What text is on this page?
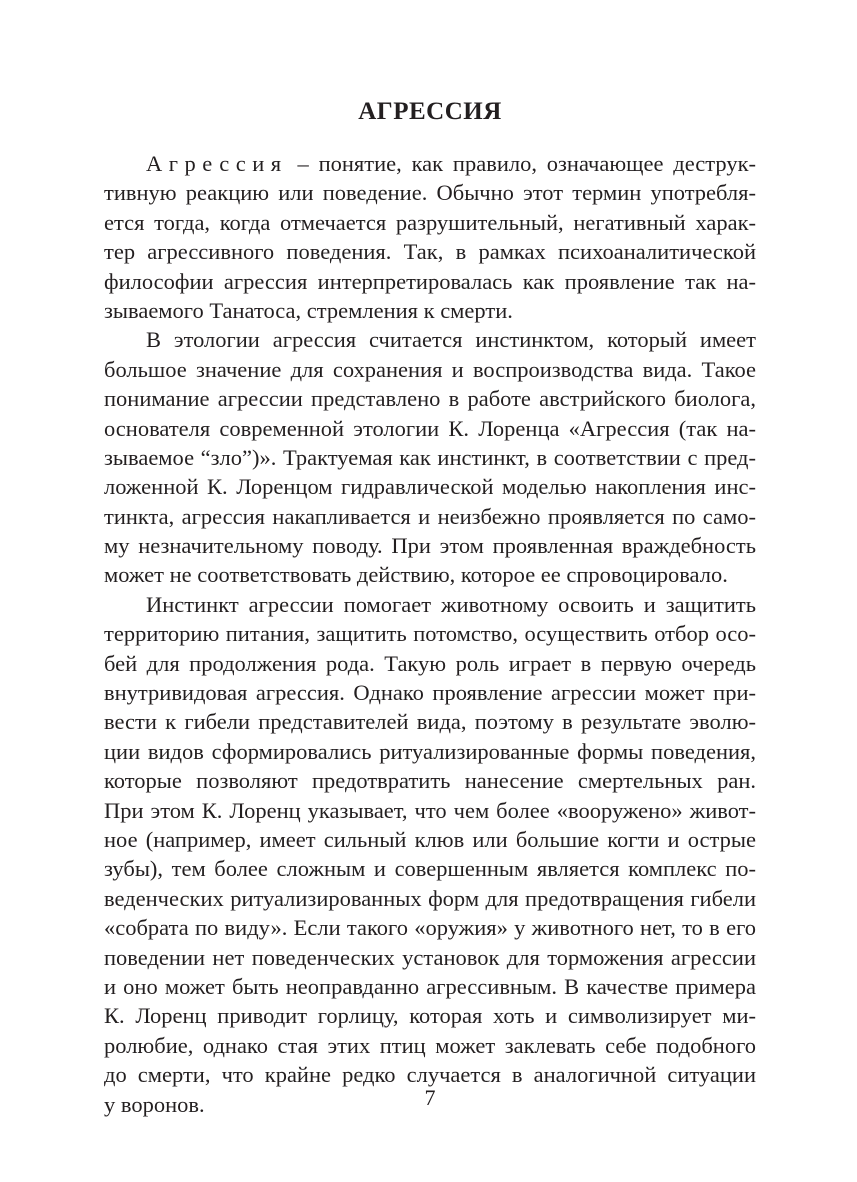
АГРЕССИЯ
Агрессия – понятие, как правило, означающее деструк-
тивную реакцию или поведение. Обычно этот термин употребля-
ется тогда, когда отмечается разрушительный, негативный харак-
тер агрессивного поведения. Так, в рамках психоаналитической
философии агрессия интерпретировалась как проявление так на-
зываемого Танатоса, стремления к смерти.
В этологии агрессия считается инстинктом, который имеет
большое значение для сохранения и воспроизводства вида. Такое
понимание агрессии представлено в работе австрийского биолога,
основателя современной этологии К. Лоренца «Агрессия (так на-
зываемое “зло”)». Трактуемая как инстинкт, в соответствии с пред-
ложенной К. Лоренцом гидравлической моделью накопления инс-
тинкта, агрессия накапливается и неизбежно проявляется по само-
му незначительному поводу. При этом проявленная враждебность
может не соответствовать действию, которое ее спровоцировало.
Инстинкт агрессии помогает животному освоить и защитить
территорию питания, защитить потомство, осуществить отбор осо-
бей для продолжения рода. Такую роль играет в первую очередь
внутривидовая агрессия. Однако проявление агрессии может при-
вести к гибели представителей вида, поэтому в результате эволю-
ции видов сформировались ритуализированные формы поведения,
которые позволяют предотвратить нанесение смертельных ран.
При этом К. Лоренц указывает, что чем более «вооружено» живот-
ное (например, имеет сильный клюв или большие когти и острые
зубы), тем более сложным и совершенным является комплекс по-
веденческих ритуализированных форм для предотвращения гибели
«собрата по виду». Если такого «оружия» у животного нет, то в его
поведении нет поведенческих установок для торможения агрессии
и оно может быть неоправданно агрессивным. В качестве примера
К. Лоренц приводит горлицу, которая хоть и символизирует ми-
ролюбие, однако стая этих птиц может заклевать себе подобного
до смерти, что крайне редко случается в аналогичной ситуации
у воронов.	7
